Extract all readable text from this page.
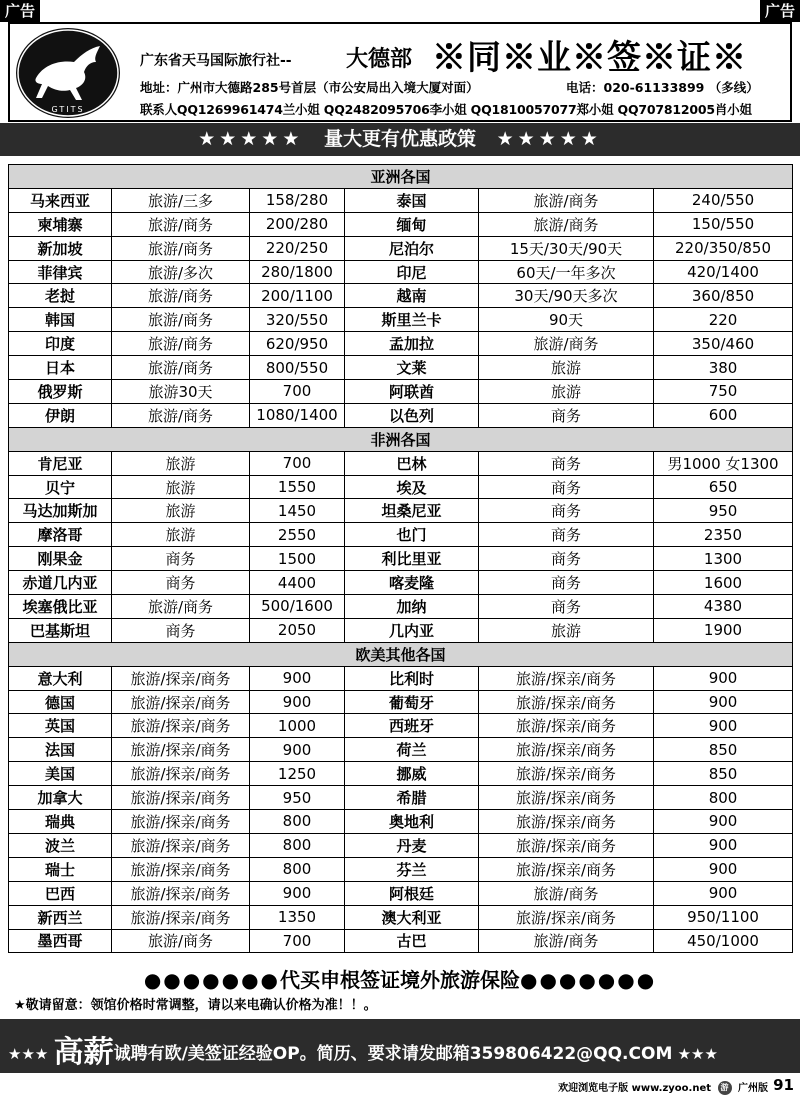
广告	广告
GTITS
广东省天马国际旅行社-- 大德部 ※同※业※签※证※
地址：广州市大德路285号首层（市公安局出入境大厦对面）	电话：020-61133899 （多线）
联系人QQ1269961474兰小姐 QQ2482095706李小姐 QQ1810057077郑小姐 QQ707812005肖小姐
★★★★★ 量大更有优惠政策 ★★★★★
亚洲各国					
马来西亚	旅游/三多	158/280	泰国	旅游/商务	240/550
柬埔寨	旅游/商务	200/280	缅甸	旅游/商务	150/550
新加坡	旅游/商务	220/250	尼泊尔	15天/30天/90天	220/350/850
菲律宾	旅游/多次	280/1800	印尼	60天/一年多次	420/1400
老挝	旅游/商务	200/1100	越南	30天/90天多次	360/850
韩国	旅游/商务	320/550	斯里兰卡	90天	220
印度	旅游/商务	620/950	孟加拉	旅游/商务	350/460
日本	旅游/商务	800/550	文莱	旅游	380
俄罗斯	旅游30天	700	阿联酋	旅游	750
伊朗	旅游/商务	1080/1400	以色列	商务	600
非洲各国					
肯尼亚	旅游	700	巴林	商务	男1000 女1300
贝宁	旅游	1550	埃及	商务	650
马达加斯加	旅游	1450	坦桑尼亚	商务	950
摩洛哥	旅游	2550	也门	商务	2350
刚果金	商务	1500	利比里亚	商务	1300
赤道几内亚	商务	4400	喀麦隆	商务	1600
埃塞俄比亚	旅游/商务	500/1600	加纳	商务	4380
巴基斯坦	商务	2050	几内亚	旅游	1900
欧美其他各国					
意大利	旅游/探亲/商务	900	比利时	旅游/探亲/商务	900
德国	旅游/探亲/商务	900	葡萄牙	旅游/探亲/商务	900
英国	旅游/探亲/商务	1000	西班牙	旅游/探亲/商务	900
法国	旅游/探亲/商务	900	荷兰	旅游/探亲/商务	850
美国	旅游/探亲/商务	1250	挪威	旅游/探亲/商务	850
加拿大	旅游/探亲/商务	950	希腊	旅游/探亲/商务	800
瑞典	旅游/探亲/商务	800	奥地利	旅游/探亲/商务	900
波兰	旅游/探亲/商务	800	丹麦	旅游/探亲/商务	900
瑞士	旅游/探亲/商务	800	芬兰	旅游/探亲/商务	900
巴西	旅游/探亲/商务	900	阿根廷	旅游/商务	900
新西兰	旅游/探亲/商务	1350	澳大利亚	旅游/探亲/商务	950/1100
墨西哥	旅游/商务	700	古巴	旅游/商务	450/1000
●●●●●●●代买申根签证境外旅游保险●●●●●●●
★敬请留意：领馆价格时常调整，请以来电确认价格为准！！。
★★★ 高薪诚聘有欧/美签证经验OP。简历、要求请发邮箱359806422@QQ.COM ★★★
欢迎浏览电子版 www.zyoo.net 游 广州版 91
